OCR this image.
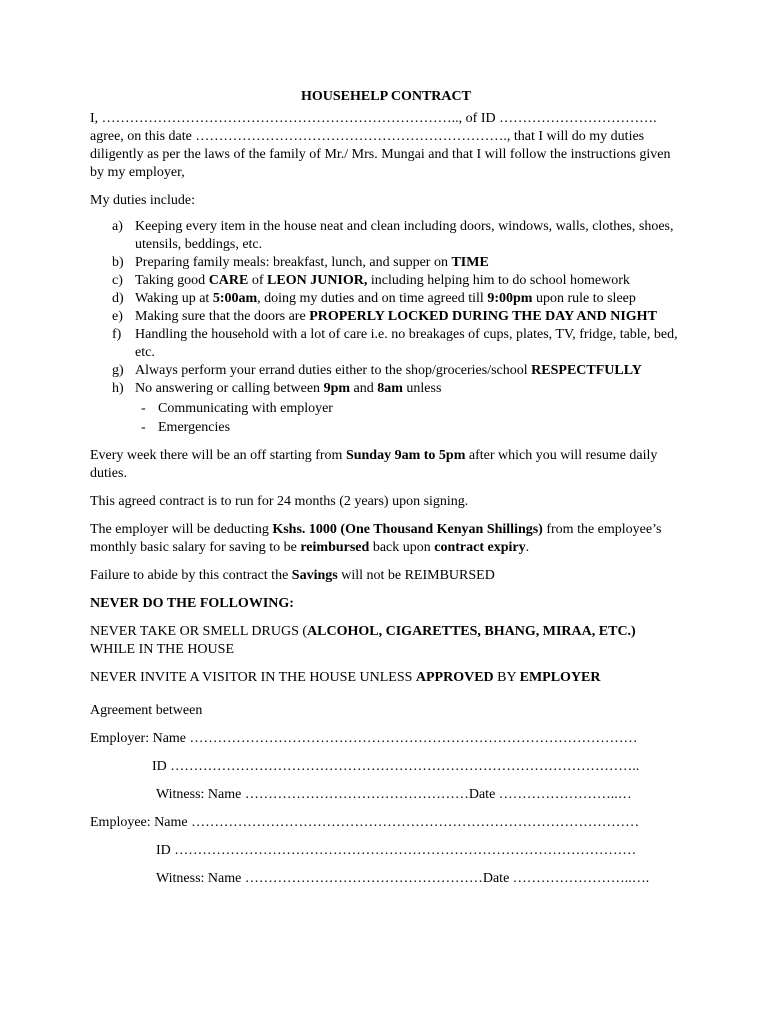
HOUSEHELP CONTRACT

I, ………………………………………………………………….., of ID ……………………………. agree, on this date …………………………………………………………., that I will do my duties diligently as per the laws of the family of Mr./ Mrs. Mungai and that I will follow the instructions given by my employer,

My duties include:

a) Keeping every item in the house neat and clean including doors, windows, walls, clothes, shoes, utensils, beddings, etc.
b) Preparing family meals: breakfast, lunch, and supper on TIME
c) Taking good CARE of LEON JUNIOR, including helping him to do school homework
d) Waking up at 5:00am, doing my duties and on time agreed till 9:00pm upon rule to sleep
e) Making sure that the doors are PROPERLY LOCKED DURING THE DAY AND NIGHT
f) Handling the household with a lot of care i.e. no breakages of cups, plates, TV, fridge, table, bed, etc.
g) Always perform your errand duties either to the shop/groceries/school RESPECTFULLY
h) No answering or calling between 9pm and 8am unless
- Communicating with employer
- Emergencies

Every week there will be an off starting from Sunday 9am to 5pm after which you will resume daily duties.

This agreed contract is to run for 24 months (2 years) upon signing.

The employer will be deducting Kshs. 1000 (One Thousand Kenyan Shillings) from the employee’s monthly basic salary for saving to be reimbursed back upon contract expiry.

Failure to abide by this contract the Savings will not be REIMBURSED

NEVER DO THE FOLLOWING:

NEVER TAKE OR SMELL DRUGS (ALCOHOL, CIGARETTES, BHANG, MIRAA, ETC.) WHILE IN THE HOUSE

NEVER INVITE A VISITOR IN THE HOUSE UNLESS APPROVED BY EMPLOYER

Agreement between
Employer: Name ……………………………………………………………………………………
ID ………………………………………………………………………………………..
Witness: Name …………………………………………Date ……………………..…
Employee: Name ……………………………………………………………………………………
ID ………………………………………………………………………………………
Witness: Name ……………………………………………Date ……………………..….
